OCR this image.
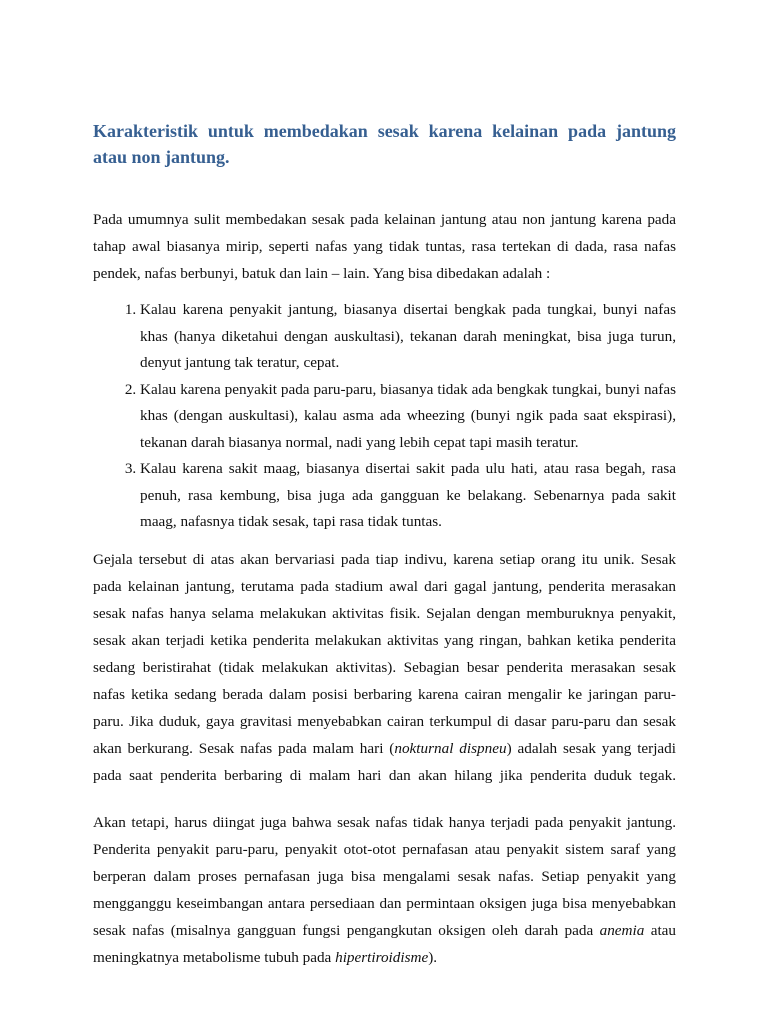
Karakteristik untuk membedakan sesak karena kelainan pada jantung atau non jantung.

Pada umumnya sulit membedakan sesak pada kelainan jantung atau non jantung karena pada tahap awal biasanya mirip, seperti nafas yang tidak tuntas, rasa tertekan di dada, rasa nafas pendek, nafas berbunyi, batuk dan lain – lain. Yang bisa dibedakan adalah :

1. Kalau karena penyakit jantung, biasanya disertai bengkak pada tungkai, bunyi nafas khas (hanya diketahui dengan auskultasi), tekanan darah meningkat, bisa juga turun, denyut jantung tak teratur, cepat.
2. Kalau karena penyakit pada paru-paru, biasanya tidak ada bengkak tungkai, bunyi nafas khas (dengan auskultasi), kalau asma ada wheezing (bunyi ngik pada saat ekspirasi), tekanan darah biasanya normal, nadi yang lebih cepat tapi masih teratur.
3. Kalau karena sakit maag, biasanya disertai sakit pada ulu hati, atau rasa begah, rasa penuh, rasa kembung, bisa juga ada gangguan ke belakang. Sebenarnya pada sakit maag, nafasnya tidak sesak, tapi rasa tidak tuntas.

Gejala tersebut di atas akan bervariasi pada tiap indivu, karena setiap orang itu unik. Sesak pada kelainan jantung, terutama pada stadium awal dari gagal jantung, penderita merasakan sesak nafas hanya selama melakukan aktivitas fisik. Sejalan dengan memburuknya penyakit, sesak akan terjadi ketika penderita melakukan aktivitas yang ringan, bahkan ketika penderita sedang beristirahat (tidak melakukan aktivitas). Sebagian besar penderita merasakan sesak nafas ketika sedang berada dalam posisi berbaring karena cairan mengalir ke jaringan paru-paru. Jika duduk, gaya gravitasi menyebabkan cairan terkumpul di dasar paru-paru dan sesak akan berkurang. Sesak nafas pada malam hari (nokturnal dispneu) adalah sesak yang terjadi pada saat penderita berbaring di malam hari dan akan hilang jika penderita duduk tegak.

Akan tetapi, harus diingat juga bahwa sesak nafas tidak hanya terjadi pada penyakit jantung. Penderita penyakit paru-paru, penyakit otot-otot pernafasan atau penyakit sistem saraf yang berperan dalam proses pernafasan juga bisa mengalami sesak nafas. Setiap penyakit yang mengganggu keseimbangan antara persediaan dan permintaan oksigen juga bisa menyebabkan sesak nafas (misalnya gangguan fungsi pengangkutan oksigen oleh darah pada anemia atau meningkatnya metabolisme tubuh pada hipertiroidisme).
